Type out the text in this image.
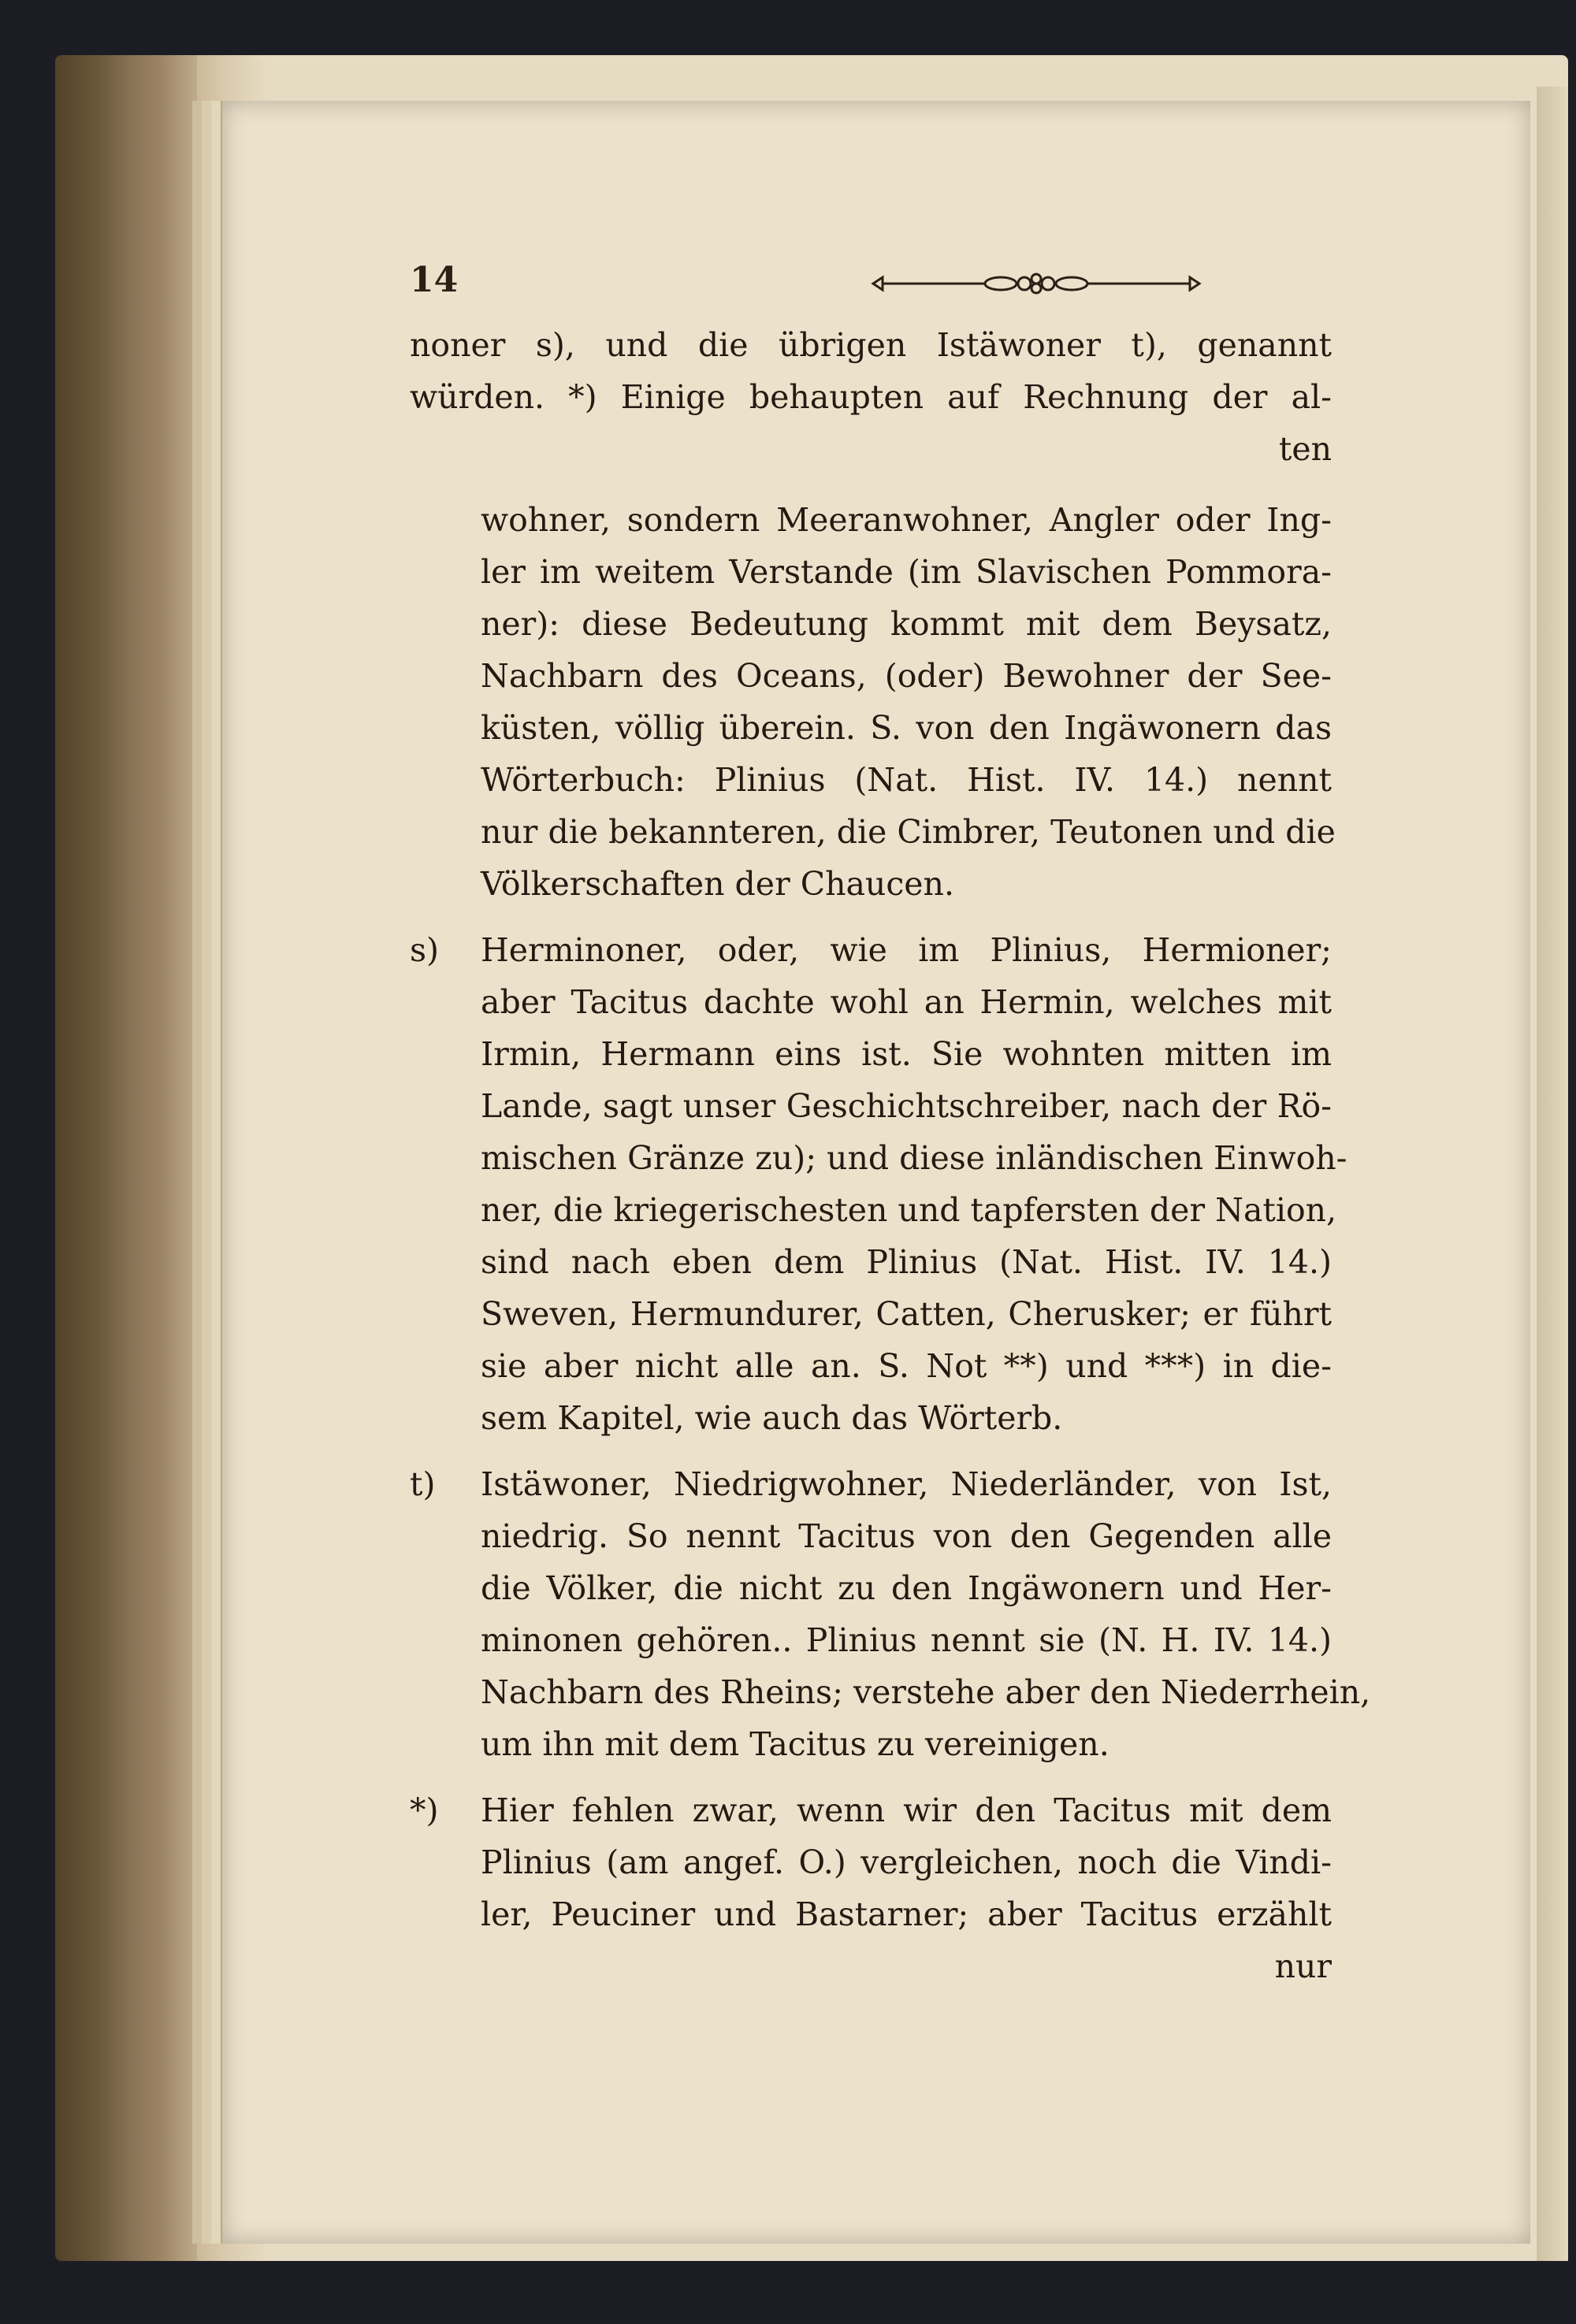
14
noner s), und die übrigen Istäwoner t), genannt
würden. *) Einige behaupten auf Rechnung der al-
ten
wohner, sondern Meeranwohner, Angler oder Ing-
ler im weitem Verstande (im Slavischen Pommora-
ner): diese Bedeutung kommt mit dem Beysatz,
Nachbarn des Oceans, (oder) Bewohner der See-
küsten, völlig überein. S. von den Ingäwonern das
Wörterbuch: Plinius (Nat. Hist. IV. 14.) nennt
nur die bekannteren, die Cimbrer, Teutonen und die
Völkerschaften der Chaucen.
s) Herminoner, oder, wie im Plinius, Hermioner;
aber Tacitus dachte wohl an Hermin, welches mit
Irmin, Hermann eins ist. Sie wohnten mitten im
Lande, sagt unser Geschichtschreiber, nach der Rö-
mischen Gränze zu); und diese inländischen Einwoh-
ner, die kriegerischesten und tapfersten der Nation,
sind nach eben dem Plinius (Nat. Hist. IV. 14.)
Sweven, Hermundurer, Catten, Cherusker; er führt
sie aber nicht alle an. S. Not **) und ***) in die-
sem Kapitel, wie auch das Wörterb.
t) Istäwoner, Niedrigwohner, Niederländer, von Ist,
niedrig. So nennt Tacitus von den Gegenden alle
die Völker, die nicht zu den Ingäwonern und Her-
minonen gehören.. Plinius nennt sie (N. H. IV. 14.)
Nachbarn des Rheins; verstehe aber den Niederrhein,
um ihn mit dem Tacitus zu vereinigen.
*) Hier fehlen zwar, wenn wir den Tacitus mit dem
Plinius (am angef. O.) vergleichen, noch die Vindi-
ler, Peuciner und Bastarner; aber Tacitus erzählt
nur
